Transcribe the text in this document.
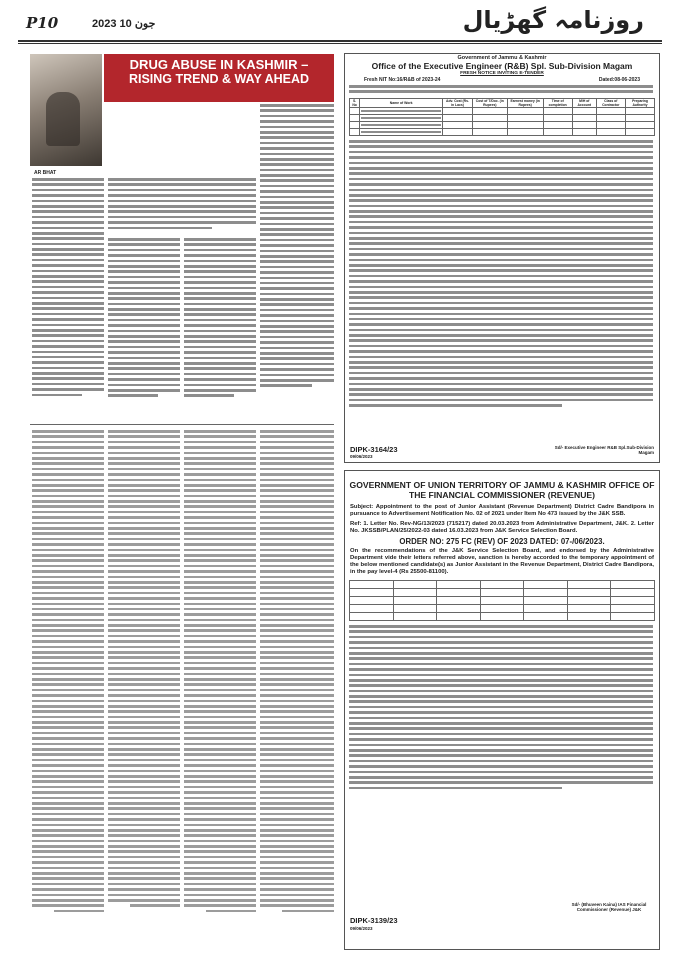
P10	2023 جون 10	روزنامہ گھڑیال
DRUG ABUSE IN KASHMIR –
RISING TREND & WAY AHEAD
AR BHAT
Government of Jammu & Kashmir
Office of the Executive Engineer (R&B) Spl. Sub-Division Magam
FRESH NOTICE INVITING E-TENDER
Fresh NIT No:16/R&B of 2023-24	Dated:08-06-2023
S. No	Name of Work	Adv. Cost (Rs. in Lacs)	Cost of T/Doc. (in Rupees)	Earnest money (in Rupees)	Time of completion	M/H of Account	Class of Contractor	Preparing Authority

DIPK-3164/23
09/06/2023
Sd/- Executive Engineer R&B Spl.Sub-Division Magam
GOVERNMENT OF UNION TERRITORY OF JAMMU & KASHMIR OFFICE OF THE FINANCIAL COMMISSIONER (REVENUE)
Subject: Appointment to the post of Junior Assistant (Revenue Department) District Cadre Bandipora in pursuance to Advertisement Notification No. 02 of 2021 under Item No 473 issued by the J&K SSB.
Ref: 1. Letter No. Rev-NG/13/2023 (715217) dated 20.03.2023 from Administrative Department, J&K. 2. Letter No. JKSSB/PLAN/25/2022-03 dated 16.03.2023 from J&K Service Selection Board.
ORDER NO: 275 FC (REV) OF 2023 DATED: 07-/06/2023.
On the recommendations of the J&K Service Selection Board, and endorsed by the Administrative Department vide their letters referred above, sanction is hereby accorded to the temporary appointment of the below mentioned candidate(s) as Junior Assistant in the Revenue Department, District Cadre Bandipora, in the pay level-4 (Rs 25500-81100).

DIPK-3139/23
09/06/2023
Sd/- (Bhuveen Kaina) IAS Financial Commissioner (Revenue) J&K
